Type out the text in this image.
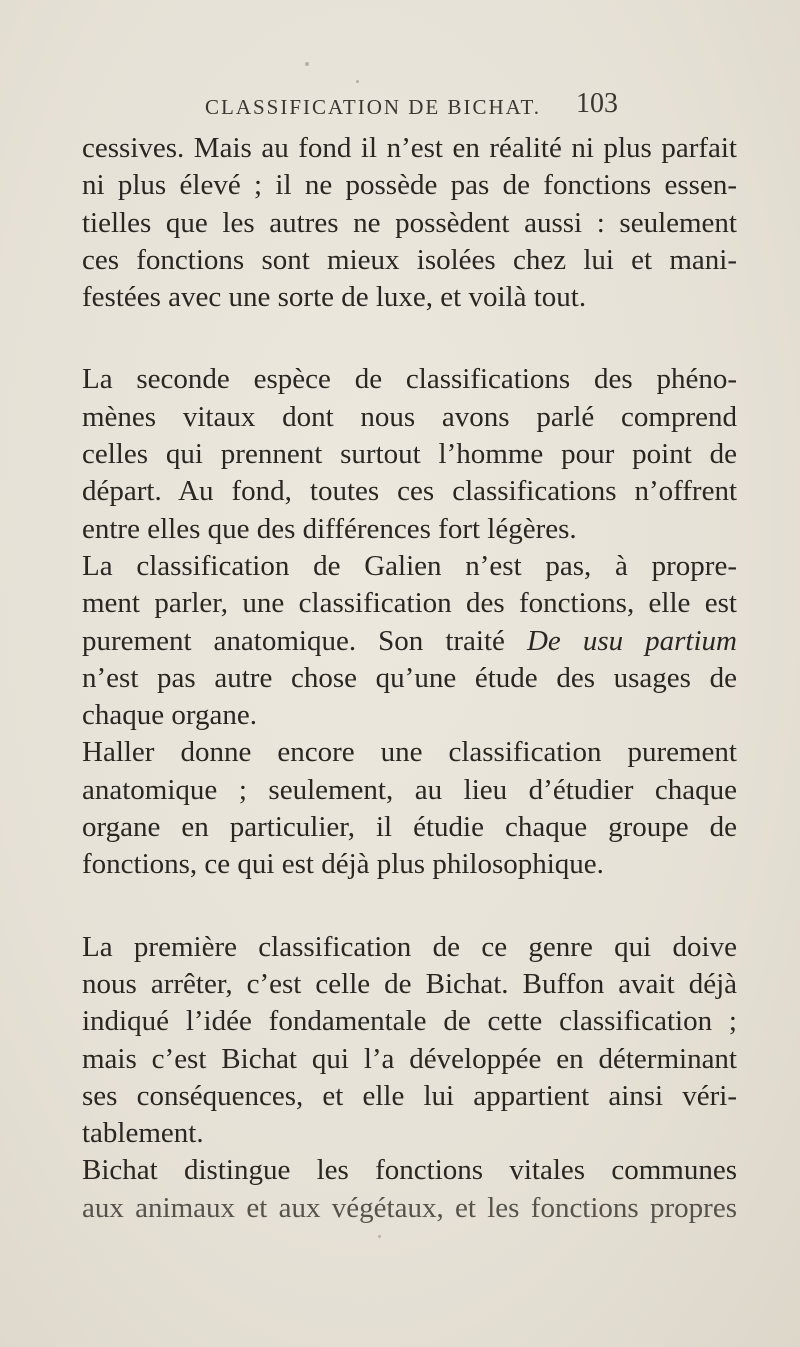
CLASSIFICATION DE BICHAT.	103
cessives. Mais au fond il n’est en réalité ni plus parfait
ni plus élevé ; il ne possède pas de fonctions essen-
tielles que les autres ne possèdent aussi : seulement
ces fonctions sont mieux isolées chez lui et mani-
festées avec une sorte de luxe, et voilà tout.
La seconde espèce de classifications des phéno-
mènes vitaux dont nous avons parlé comprend
celles qui prennent surtout l’homme pour point de
départ. Au fond, toutes ces classifications n’offrent
entre elles que des différences fort légères.
La classification de Galien n’est pas, à propre-
ment parler, une classification des fonctions, elle est
purement anatomique. Son traité De usu partium
n’est pas autre chose qu’une étude des usages de
chaque organe.
Haller donne encore une classification purement
anatomique ; seulement, au lieu d’étudier chaque
organe en particulier, il étudie chaque groupe de
fonctions, ce qui est déjà plus philosophique.
La première classification de ce genre qui doive
nous arrêter, c’est celle de Bichat. Buffon avait déjà
indiqué l’idée fondamentale de cette classification ;
mais c’est Bichat qui l’a développée en déterminant
ses conséquences, et elle lui appartient ainsi véri-
tablement.
Bichat distingue les fonctions vitales communes
aux animaux et aux végétaux, et les fonctions propres
